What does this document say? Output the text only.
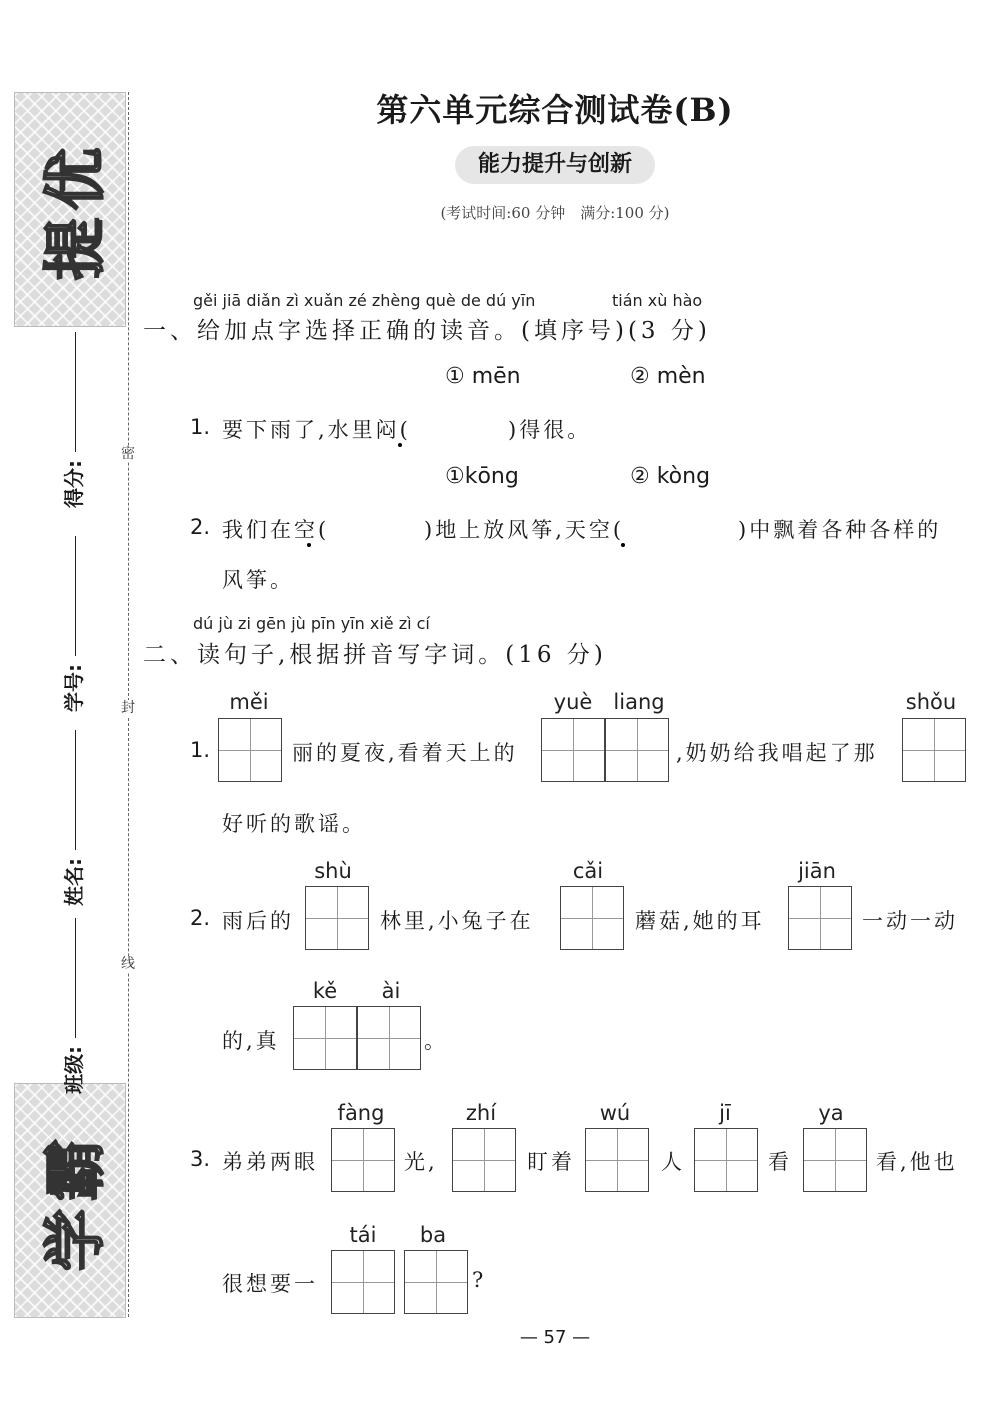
提优
学霸
密
封
线
得分:
学号:
姓名:
班级:
第六单元综合测试卷(B)
能力提升与创新
(考试时间:60 分钟　满分:100 分)
gěi jiā diǎn zì xuǎn zé zhèng què de dú yīn	tián xù hào
一、给加点字选择正确的读音。(填序号)(3 分)
① mēn	② mèn
1. 要下雨了,水里闷(	)得很。
①kōng	② kòng
2. 我们在空(	)地上放风筝,天空(	)中飘着各种各样的
风筝。
dú jù zi gēn jù pīn yīn xiě zì cí
二、读句子,根据拼音写字词。(16 分)
1.
měi
丽的夏夜,看着天上的
yuè	liang
,奶奶给我唱起了那
shǒu
好听的歌谣。
2. 雨后的
shù
林里,小兔子在
cǎi
蘑菇,她的耳
jiān
一动一动
的,真
kě	ài
。
3. 弟弟两眼
fàng
光,
zhí
盯着
wú
人
jī
看
ya
看,他也
很想要一
tái	ba
?
— 57 —
